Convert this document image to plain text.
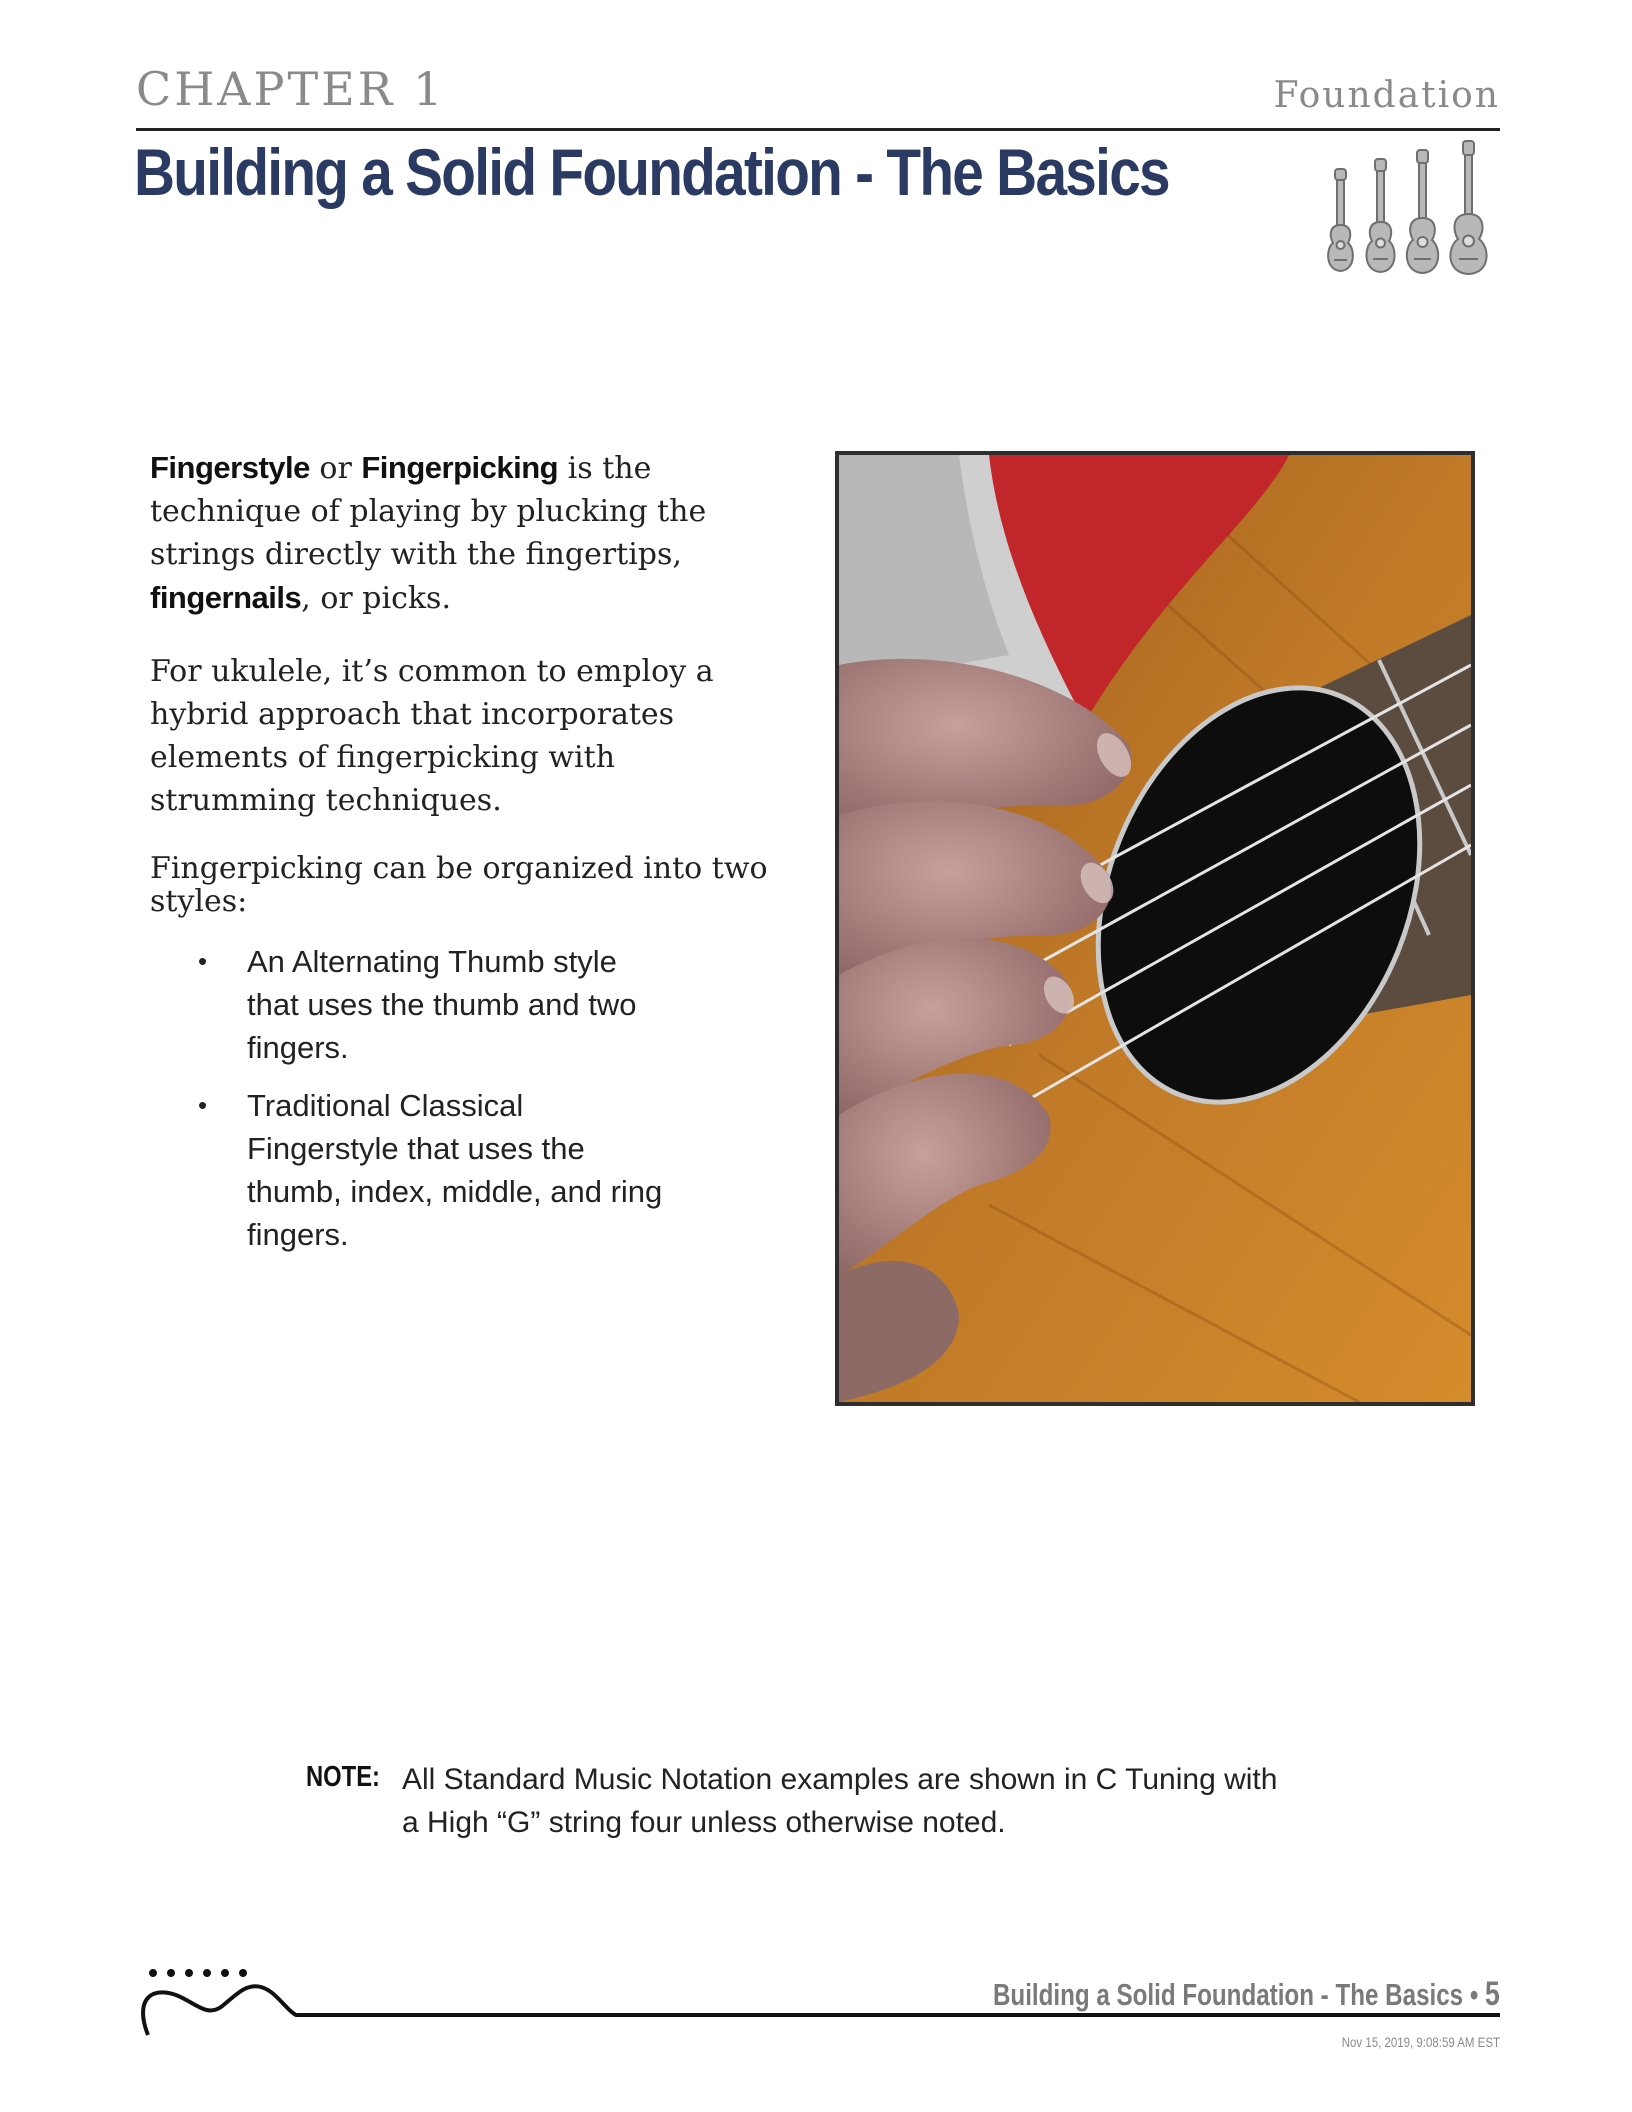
CHAPTER 1	Foundation
Building a Solid Foundation - The Basics

Fingerstyle or Fingerpicking is the technique of playing by plucking the strings directly with the fingertips, fingernails, or picks.

For ukulele, it’s common to employ a hybrid approach that incorporates elements of fingerpicking with strumming techniques.

Fingerpicking can be organized into two styles:

• An Alternating Thumb style that uses the thumb and two fingers.
• Traditional Classical Fingerstyle that uses the thumb, index, middle, and ring fingers.
NOTE: All Standard Music Notation examples are shown in C Tuning with a High “G” string four unless otherwise noted.
Building a Solid Foundation - The Basics • 5
Nov 15, 2019, 9:08:59 AM EST
